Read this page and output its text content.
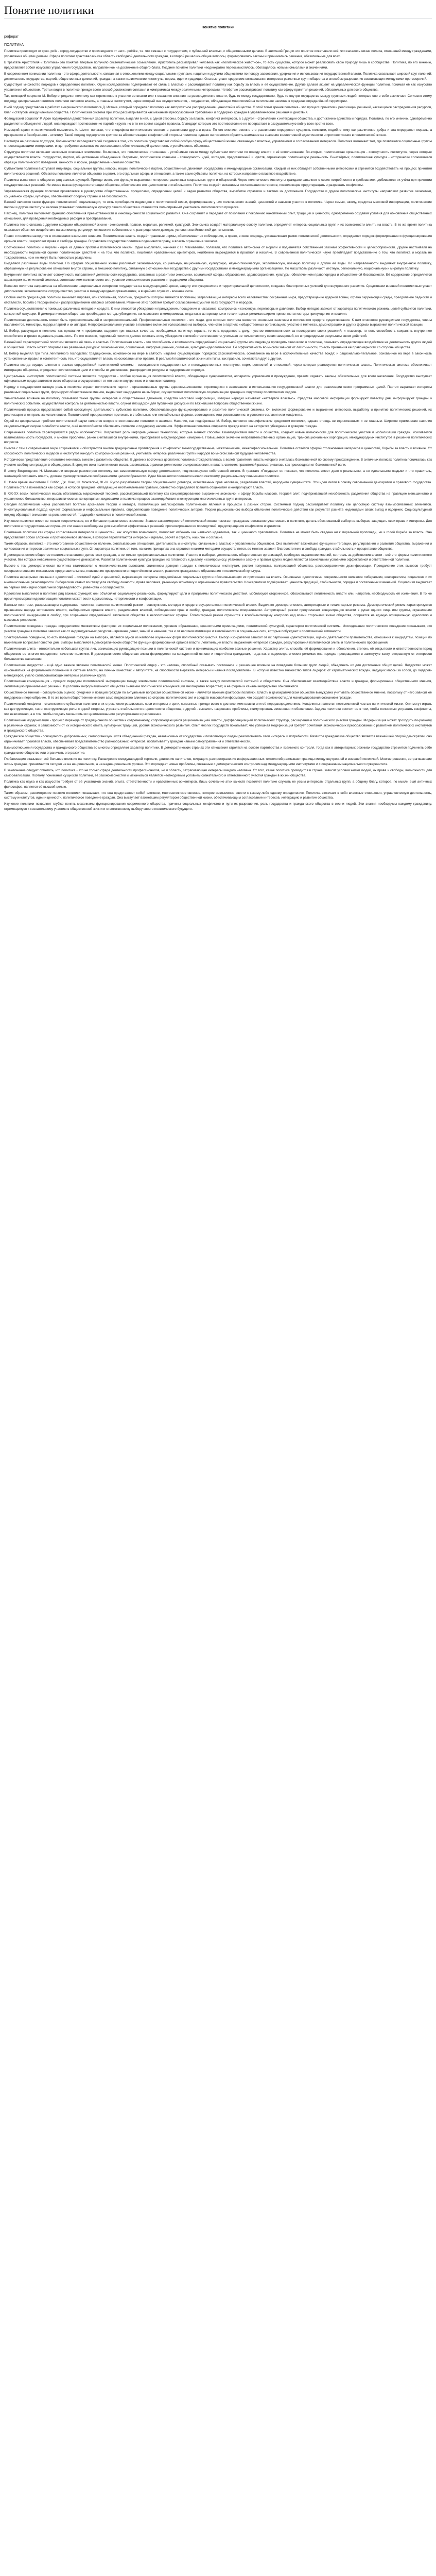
Понятие политики
Понятие политики
реферат
ПОЛИТИКА

Политика происходит от греч. polis - город-государство и производного от него - politike, т.е. что связано с государством, с публичной властью, с общественными делами. В античной Греции это понятие охватывало всё, что касалось жизни полиса, отношений между гражданами, управления общими делами. Сфера политики трактовалась как область свободной деятельности граждан, в которой решались общие вопросы, формировались законы и принимались решения, обязательные для всех.

В трактате Аристотеля «Политика» это понятие впервые получило систематическое осмысление. Аристотель рассматривал человека как «политическое животное», то есть существо, которое может реализовать свою природу лишь в сообществе. Политика, по его мнению, представляет собой искусство управления государством, направленное на достижение общего блага. Позднее понятие политики неоднократно переосмыслялось, обогащалось новыми смыслами и значениями.

В современном понимании политика - это сфера деятельности, связанная с отношениями между социальными группами, нациями и другими общностями по поводу завоевания, удержания и использования государственной власти. Политика охватывает широкий круг явлений: деятельность государства, партий, общественных движений, граждан, а также политические институты, нормы, идеи и традиции. Она выступает средством согласования интересов различных групп общества и способом разрешения возникающих между ними противоречий.

Существует множество подходов к определению политики. Одни исследователи подчёркивают её связь с властью и рассматривают политику как борьбу за власть и её осуществление. Другие делают акцент на управленческой функции политики, понимая её как искусство управления обществом. Третьи видят в политике прежде всего способ достижения согласия и компромисса между различными интересами. Четвёртые рассматривают политику как сферу принятия решений, обязательных для всего общества.

Так, немецкий социолог М. Вебер определял политику как стремление к участию во власти или к оказанию влияния на распределение власти, будь то между государствами, будь то внутри государства между группами людей, которые оно в себе заключает. Согласно этому подходу, центральным понятием политики является власть, а главным институтом, через который она осуществляется, - государство, обладающее монополией на легитимное насилие в пределах определённой территории.

Иной подход представлен в работах американского политолога Д. Истона, который определял политику как авторитетное распределение ценностей в обществе. С этой точки зрения политика - это процесс принятия и реализации решений, касающихся распределения ресурсов, благ и статусов между членами общества. Политическая система при этом рассматривается как механизм преобразования требований и поддержки граждан в управленческие решения и действия.

Французский социолог Р. Арон подчёркивал двойственный характер политики, выделяя в ней, с одной стороны, борьбу за власть, конфликт интересов, а с другой - стремление к интеграции общества, к достижению единства и порядка. Политика, по его мнению, одновременно разделяет и объединяет людей: она порождает противостояние партий и групп, но в то же время создаёт правила, благодаря которым это противостояние не перерастает в разрушительную войну всех против всех.

Немецкий юрист и политический мыслитель К. Шмитт полагал, что специфика политического состоит в различении друга и врага. По его мнению, именно это различение определяет сущность политики, подобно тому как различение добра и зла определяет мораль, а прекрасного и безобразного - эстетику. Такой подход подвергался критике за абсолютизацию конфликтной стороны политики, однако он позволил обратить внимание на значение коллективной идентичности и противостояния в политической жизни.

Несмотря на различие подходов, большинство исследователей сходится в том, что политика представляет собой особую сферу общественной жизни, связанную с властью, управлением и согласованием интересов. Политика возникает там, где появляются социальные группы с несовпадающими интересами, и где требуется механизм их согласования, обеспечивающий целостность и устойчивость общества.

Структура политики включает несколько основных элементов. Во-первых, это политические отношения - устойчивые связи между субъектами политики по поводу власти и её использования. Во-вторых, политическая организация - совокупность институтов, через которые осуществляется власть: государство, партии, общественные объединения. В-третьих, политическое сознание - совокупность идей, взглядов, представлений и чувств, отражающих политическую реальность. В-четвёртых, политическая культура - исторически сложившиеся образцы политического поведения, ценности и нормы, разделяемые членами общества.

Субъектами политики выступают индивиды, социальные группы, классы, нации, политические партии, общественные движения, государства и международные организации. Каждый из них обладает собственными интересами и стремится воздействовать на процесс принятия политических решений. Объектом политики является общество в целом, его отдельные сферы и отношения, а также сами субъекты политики, на которых направлено властное воздействие.

Политика выполняет в обществе ряд важных функций. Прежде всего, это функция выражения интересов различных социальных групп и общностей. Через политические институты граждане заявляют о своих потребностях и требованиях, добиваются их учёта при принятии государственных решений. Не менее важна функция интеграции общества, обеспечения его целостности и стабильности. Политика создаёт механизмы согласования интересов, позволяющие предотвращать и разрешать конфликты.

Управленческая функция политики проявляется в руководстве общественными процессами, определении целей и задач развития общества, выработке стратегии и тактики их достижения. Государство и другие политические институты направляют развитие экономики, социальной сферы, культуры, обеспечивают оборону страны и её безопасность.

Важной является также функция политической социализации, то есть приобщения индивидов к политической жизни, формирования у них политических знаний, ценностей и навыков участия в политике. Через семью, школу, средства массовой информации, политические партии и другие институты человек усваивает политическую культуру своего общества и становится полноправным участником политического процесса.

Наконец, политика выполняет функцию обеспечения преемственности и инновационности социального развития. Она сохраняет и передаёт от поколения к поколению накопленный опыт, традиции и ценности, одновременно создавая условия для обновления общественных отношений, для проведения необходимых реформ и преобразований.

Политика тесно связана с другими сферами общественной жизни - экономикой, правом, моралью, религией, культурой. Экономика создаёт материальную основу политики, определяет интересы социальных групп и их возможности влиять на власть. В то же время политика оказывает обратное воздействие на экономику, регулируя отношения собственности, распределение доходов, условия хозяйственной деятельности.

Право и политика находятся в отношениях взаимного влияния. Политическая власть создаёт правовые нормы, обеспечивает их соблюдение, а право, в свою очередь, устанавливает рамки политической деятельности, определяет порядок формирования и функционирования органов власти, закрепляет права и свободы граждан. В правовом государстве политика подчиняется праву, а власть ограничена законом.

Соотношение политики и морали - одна из давних проблем политической мысли. Одни мыслители, начиная с Н. Макиавелли, полагали, что политика автономна от морали и подчиняется собственным законам эффективности и целесообразности. Другие настаивали на необходимости моральной оценки политических действий и на том, что политика, лишённая нравственных ориентиров, неизбежно вырождается в произвол и насилие. В современной политической науке преобладает представление о том, что политика и мораль не тождественны, но и не могут быть полностью разделены.

Выделяют различные виды политики. По сферам общественной жизни различают экономическую, социальную, национальную, культурную, научно-техническую, экологическую, военную политику и другие её виды. По направленности выделяют внутреннюю политику, обращённую на регулирование отношений внутри страны, и внешнюю политику, связанную с отношениями государства с другими государствами и международными организациями. По масштабам различают местную, региональную, национальную и мировую политику.

Внутренняя политика включает совокупность направлений деятельности государства, связанных с развитием экономики, социальной сферы, образования, здравоохранения, культуры, обеспечением правопорядка и общественной безопасности. Её содержание определяется характером политической системы, соотношением политических сил, уровнем экономического развития и традициями общества.

Внешняя политика направлена на обеспечение национальных интересов государства на международной арене, защиту его суверенитета и территориальной целостности, создание благоприятных условий для внутреннего развития. Средствами внешней политики выступают дипломатия, экономическое сотрудничество, участие в международных организациях, а в крайних случаях - военная сила.

Особое место среди видов политики занимает мировая, или глобальная, политика, предметом которой являются проблемы, затрагивающие интересы всего человечества: сохранение мира, предотвращение ядерной войны, охрана окружающей среды, преодоление бедности и отсталости, борьба с терроризмом и распространением опасных заболеваний. Решение этих проблем требует согласованных усилий всех государств и народов.

Политика осуществляется с помощью различных методов и средств. К ним относятся убеждение и принуждение, поощрение и наказание, компромисс и консенсус, переговоры и давление. Выбор методов зависит от характера политического режима, целей субъектов политики, конкретной ситуации. В демократических обществах преобладают методы убеждения, согласования и компромисса, тогда как в авторитарных и тоталитарных режимах широко применяются методы принуждения и насилия.

Политическая деятельность может быть профессиональной и непрофессиональной. Профессиональные политики - это люди, для которых политика является основным занятием и источником средств существования. К ним относятся руководители государства, члены парламентов, министры, лидеры партий и их аппарат. Непрофессиональное участие в политике включает голосование на выборах, членство в партиях и общественных организациях, участие в митингах, демонстрациях и других формах выражения политической позиции.

М. Вебер, рассуждая о политике как призвании и профессии, выделял три главных качества, необходимых политику: страсть, то есть преданность делу; чувство ответственности за последствия своих решений; и глазомер, то есть способность сохранять внутреннее спокойствие и трезво оценивать реальность. По его мнению, подлинный политик должен сочетать этику убеждения с этикой ответственности, учитывая не только чистоту своих намерений, но и предвидимые результаты своих действий.

Важнейшей характеристикой политики является её связь с властью. Политическая власть - это способность и возможность определённой социальной группы или индивида проводить свою волю в политике, оказывать определяющее воздействие на деятельность других людей и общностей. Власть может опираться на различные ресурсы: экономические, социальные, информационные, силовые, культурно-идеологические. Её эффективность во многом зависит от легитимности, то есть признания её правомерности со стороны общества.

М. Вебер выделял три типа легитимного господства: традиционное, основанное на вере в святость издавна существующих порядков; харизматическое, основанное на вере в исключительные качества вождя; и рационально-легальное, основанное на вере в законность установленных правил и компетентность тех, кто осуществляет власть на основании этих правил. В реальной политической жизни эти типы, как правило, сочетаются друг с другом.

Политика всегда осуществляется в рамках определённой политической системы - совокупности государственных и негосударственных институтов, норм, ценностей и отношений, через которые реализуется политическая власть. Политическая система обеспечивает интеграцию общества, определяет коллективные цели и способы их достижения, распределяет ресурсы и поддерживает порядок.

Центральным институтом политической системы является государство - особая организация политической власти, обладающая суверенитетом, аппаратом управления и принуждения, правом издавать законы, обязательные для всего населения. Государство выступает официальным представителем всего общества и осуществляет от его имени внутреннюю и внешнюю политику.

Наряду с государством важную роль в политике играют политические партии - организованные группы единомышленников, стремящихся к завоеванию и использованию государственной власти для реализации своих программных целей. Партии выражают интересы различных социальных групп, формируют общественное мнение, выдвигают кандидатов на выборах, осуществляют политическую социализацию граждан и подготовку политических кадров.

Значительное влияние на политику оказывают также группы интересов и общественные движения, средства массовой информации, которые нередко называют «четвёртой властью». Средства массовой информации формируют повестку дня, информируют граждан о политических событиях, осуществляют контроль за деятельностью власти, служат площадкой для публичной дискуссии по важнейшим вопросам общественной жизни.

Политический процесс представляет собой совокупную деятельность субъектов политики, обеспечивающую функционирование и развитие политической системы. Он включает формирование и выражение интересов, выработку и принятие политических решений, их реализацию и контроль за исполнением. Политический процесс может протекать в стабильных или нестабильных формах, эволюционно или революционно, в условиях согласия или конфликта.

Одной из центральных проблем политической науки является вопрос о соотношении политики и насилия. Насилие, как подчёркивал М. Вебер, является специфическим средством политики, однако отнюдь не единственным и не главным. Широкое применение насилия свидетельствует скорее о слабости власти, о её неспособности обеспечить согласие и поддержку населения. Эффективная политика опирается прежде всего на авторитет, убеждение и доверие граждан.

Современная политика характеризуется рядом особенностей. Возрастает роль информационных технологий, которые меняют способы взаимодействия власти и общества, создают новые возможности для политического участия и мобилизации граждан. Усиливается взаимозависимость государств, и многие проблемы, ранее считавшиеся внутренними, приобретают международное измерение. Повышается значение неправительственных организаций, транснациональных корпораций, международных институтов в решении политических вопросов.

Вместе с тем в современном мире сохраняются и обостряются многие традиционные противоречия и конфликты: межгосударственные, межэтнические, межконфессиональные. Политика остаётся сферой столкновения интересов и ценностей, борьбы за власть и влияние. От способности политических лидеров и институтов находить компромиссные решения, учитывать интересы различных групп и народов во многом зависит будущее человечества.

Исторически представления о политике менялись вместе с развитием общества. В древних восточных деспотиях политика отождествлялась с волей правителя, власть которого считалась божественной по своему происхождению. В античных полисах политика понималась как участие свободных граждан в общих делах. В средние века политическая мысль развивалась в рамках религиозного мировоззрения, и власть светских правителей рассматривалась как производная от божественной воли.

В эпоху Возрождения Н. Макиавелли впервые рассмотрел политику как самостоятельную сферу деятельности, подчиняющуюся собственной логике. В трактате «Государь» он показал, что политика имеет дело с реальными, а не идеальными людьми и что правитель, желающий сохранить власть, должен руководствоваться соображениями целесообразности. Идеи Макиавелли положили начало светскому, рациональному пониманию политики.

В Новое время мыслители Т. Гоббс, Дж. Локк, Ш. Монтескьё, Ж.-Ж. Руссо разработали теории общественного договора, естественных прав человека, разделения властей, народного суверенитета. Эти идеи легли в основу современной демократии и правового государства. Политика стала пониматься как сфера, в которой граждане, обладающие неотъемлемыми правами, совместно определяют правила общежития и контролируют власть.

В XIX-XX веках политическая мысль обогатилась марксистской теорией, рассматривавшей политику как концентрированное выражение экономики и сферу борьбы классов, теорией элит, подчёркивавшей неизбежность разделения общества на правящее меньшинство и управляемое большинство, плюралистическими концепциями, видевшими в политике процесс взаимодействия и конкуренции многочисленных групп интересов.

Сегодня политическая наука располагает богатым арсеналом теорий и методов, позволяющих анализировать политические явления и процессы с разных сторон. Системный подход рассматривает политику как целостную систему взаимосвязанных элементов. Институциональный подход изучает формальные и неформальные правила, определяющие поведение политических акторов. Теория рационального выбора объясняет политические действия как результат расчёта индивидами своих выгод и издержек. Социокультурный подход обращает внимание на роль ценностей, традиций и символов в политической жизни.

Изучение политики имеет не только теоретическое, но и большое практическое значение. Знание закономерностей политической жизни помогает гражданам осознанно участвовать в политике, делать обоснованный выбор на выборах, защищать свои права и интересы. Для политиков и государственных служащих эти знания необходимы для выработки эффективных решений, прогнозирования их последствий, предотвращения конфликтов и кризисов.

Понимание политики как сферы согласования интересов и ценностей, как искусства возможного, позволяет избежать как наивного идеализма, так и циничного прагматизма. Политика не может быть сведена ни к моральной проповеди, ни к голой борьбе за власть. Она представляет собой сложное и противоречивое явление, в котором переплетаются интересы и идеалы, расчёт и страсть, насилие и согласие.

Таким образом, политика - это многогранное общественное явление, охватывающее отношения, деятельность и институты, связанные с властью и управлением обществом. Она выполняет важнейшие функции интеграции, регулирования и развития общества, выражения и согласования интересов различных социальных групп. От характера политики, от того, на каких принципах она строится и какими методами осуществляется, во многом зависит благосостояние и свобода граждан, стабильность и процветание общества.

В демократическом обществе политика становится делом всех граждан, а не только профессиональных политиков. Участие в выборах, деятельность общественных организаций, свободное выражение мнений, контроль за действиями власти - всё это формы политического участия, без которых невозможно существование демократии. Развитая политическая культура граждан, их готовность к диалогу и компромиссу, уважение к закону и правам других людей являются важнейшими условиями эффективной и ответственной политики.

Вместе с тем демократическая политика сталкивается с многочисленными вызовами: снижением доверия граждан к политическим институтам, ростом популизма, поляризацией общества, распространением дезинформации. Преодоление этих вызовов требует совершенствования механизмов представительства, повышения прозрачности и подотчётности власти, развития гражданского образования и политической культуры.

Политика неразрывно связана с идеологией - системой идей и ценностей, выражающих интересы определённых социальных групп и обосновывающих их притязания на власть. Основными идеологиями современности являются либерализм, консерватизм, социализм и их многочисленные разновидности. Либерализм ставит во главу угла свободу личности, права человека, рыночную экономику и ограниченное правительство. Консерватизм подчёркивает ценность традиций, стабильности, порядка и постепенных изменений. Социализм выдвигает на первый план идеи социальной справедливости, равенства и солидарности.

Идеологии выполняют в политике ряд важных функций: они объясняют социальную реальность, формулируют цели и программы политического действия, мобилизуют сторонников, обосновывают легитимность власти или, напротив, необходимость её изменения. В то же время чрезмерная идеологизация политики может вести к догматизму, нетерпимости и конфронтации.

Важным понятием, раскрывающим содержание политики, является политический режим - совокупность методов и средств осуществления политической власти. Выделяют демократические, авторитарные и тоталитарные режимы. Демократический режим характеризуется признанием народа источником власти, выборностью органов власти, разделением властей, соблюдением прав и свобод граждан, политическим плюрализмом. Авторитарный режим предполагает концентрацию власти в руках одного лица или группы, ограничение политической конкуренции и свобод при сохранении определённой автономии общества в неполитических сферах. Тоталитарный режим стремится к всеобъемлющему контролю над всеми сторонами жизни общества, опирается на единую официальную идеологию и массовые репрессии.

Политическое поведение граждан определяется множеством факторов: их социальным положением, уровнем образования, ценностными ориентациями, политической культурой, характером политической системы. Исследования политического поведения показывают, что участие граждан в политике зависит как от индивидуальных ресурсов - времени, денег, знаний и навыков, так и от наличия мотивации и включённости в социальные сети, которые побуждают к политической активности.

Электоральное поведение, то есть поведение граждан на выборах, является одной из наиболее изученных форм политического участия. Выбор избирателей зависит от их партийной идентификации, оценки деятельности правительства, отношения к кандидатам, позиции по важнейшим вопросам повестки дня. Выборы выполняют в демократическом обществе функции формирования органов власти, легитимации власти, выражения интересов граждан, рекрутирования политической элиты и политического просвещения.

Политическая элита - относительно небольшая группа лиц, занимающих руководящие позиции в политической системе и принимающих наиболее важные решения. Характер элиты, способы её формирования и обновления, степень её открытости и ответственности перед обществом во многом определяют качество политики. В демократических обществах элита формируется на конкурентной основе и подотчётна гражданам, тогда как в недемократических режимах она нередко превращается в замкнутую касту, оторванную от интересов большинства населения.

Политическое лидерство - ещё одно важное явление политической жизни. Политический лидер - это человек, способный оказывать постоянное и решающее влияние на поведение больших групп людей, объединять их для достижения общих целей. Лидерство может основываться на формальном положении в системе власти, на личных качествах и авторитете, на способности выражать интересы и чаяния последователей. В истории известно множество типов лидеров: от харизматических вождей, ведущих массы за собой, до лидеров-менеджеров, умело согласовывающих интересы различных групп.

Политическая коммуникация - процесс передачи политической информации между элементами политической системы, а также между политической системой и обществом. Она обеспечивает взаимодействие власти и граждан, формирование общественного мнения, легитимацию принимаемых решений. В условиях информационного общества значение политической коммуникации многократно возрастает, а её формы и каналы непрерывно обновляются.

Общественное мнение - совокупность оценок, суждений и позиций граждан по актуальным вопросам общественной жизни - является важным фактором политики. Власть в демократическом обществе вынуждена учитывать общественное мнение, поскольку от него зависит её поддержка и переизбрание. В то же время общественное мнение само подвержено влиянию со стороны политических сил и средств массовой информации, что создаёт возможности для манипулирования сознанием граждан.

Политический конфликт - столкновение субъектов политики в их стремлении реализовать свои интересы и цели, связанные прежде всего с достижением власти или её перераспределением. Конфликты являются неотъемлемой частью политической жизни. Они могут играть как деструктивную, так и конструктивную роль: с одной стороны, угрожать стабильности и целостности общества, с другой - выявлять назревшие проблемы, стимулировать изменения и обновление. Задача политики состоит не в том, чтобы полностью устранить конфликты, что невозможно, а в том, чтобы создать механизмы их цивилизованного регулирования и разрешения.

Политическая модернизация - процесс перехода от традиционного общества к современному, сопровождающийся рационализацией власти, дифференциацией политических структур, расширением политического участия граждан. Модернизация может проходить по-разному в различных странах, в зависимости от их исторического опыта, культурных традиций, уровня экономического развития. Опыт многих государств показывает, что успешная модернизация требует сочетания экономических преобразований с развитием политических институтов и гражданского общества.

Гражданское общество - совокупность добровольных, самоорганизующихся объединений граждан, независимых от государства и позволяющих людям реализовывать свои интересы и потребности. Развитое гражданское общество является важнейшей опорой демократии: оно ограничивает произвол власти, обеспечивает представительство разнообразных интересов, воспитывает у граждан навыки самоуправления и ответственности.

Взаимоотношения государства и гражданского общества во многом определяют характер политики. В демократических странах эти отношения строятся на основе партнёрства и взаимного контроля, тогда как в авторитарных режимах государство стремится подчинить себе гражданское общество или ограничить его развитие.

Глобализация оказывает всё большее влияние на политику. Расширение международной торговли, движения капиталов, миграции, распространение информационных технологий размывают границы между внутренней и внешней политикой. Многие решения, затрагивающие жизнь граждан, принимаются сегодня не на национальном, а на наднациональном уровне. Это порождает новые проблемы, связанные с демократическим контролем над международными институтами и с сохранением национального суверенитета.

В заключение следует отметить, что политика - это не только сфера деятельности профессионалов, но и область, затрагивающая интересы каждого человека. От того, какая политика проводится в стране, зависят условия жизни людей, их права и свободы, возможности для самореализации. Поэтому понимание сущности политики, её закономерностей и механизмов является необходимым условием сознательного и ответственного участия граждан в жизни общества.

Политика как наука и как искусство требует от её участников знаний, опыта, ответственности и нравственных ориентиров. Лишь сочетание этих качеств позволяет политике служить не узким интересам отдельных групп, а общему благу, которое, по мысли ещё античных философов, является её высшей целью.

Таким образом, рассмотрение понятия политики показывает, что она представляет собой сложное, многоаспектное явление, которое невозможно свести к какому-либо одному определению. Политика включает в себя властные отношения, управленческую деятельность, систему институтов, идеи и ценности, политическое поведение граждан. Она выступает важнейшим регулятором общественной жизни, обеспечивающим согласование интересов, интеграцию и развитие общества.

Изучение политики позволяет глубже понять механизмы функционирования современного общества, причины социальных конфликтов и пути их разрешения, роль государства и гражданского общества в жизни людей. Эти знания необходимы каждому гражданину, стремящемуся к сознательному участию в общественной жизни и ответственному выбору своего политического будущего.
